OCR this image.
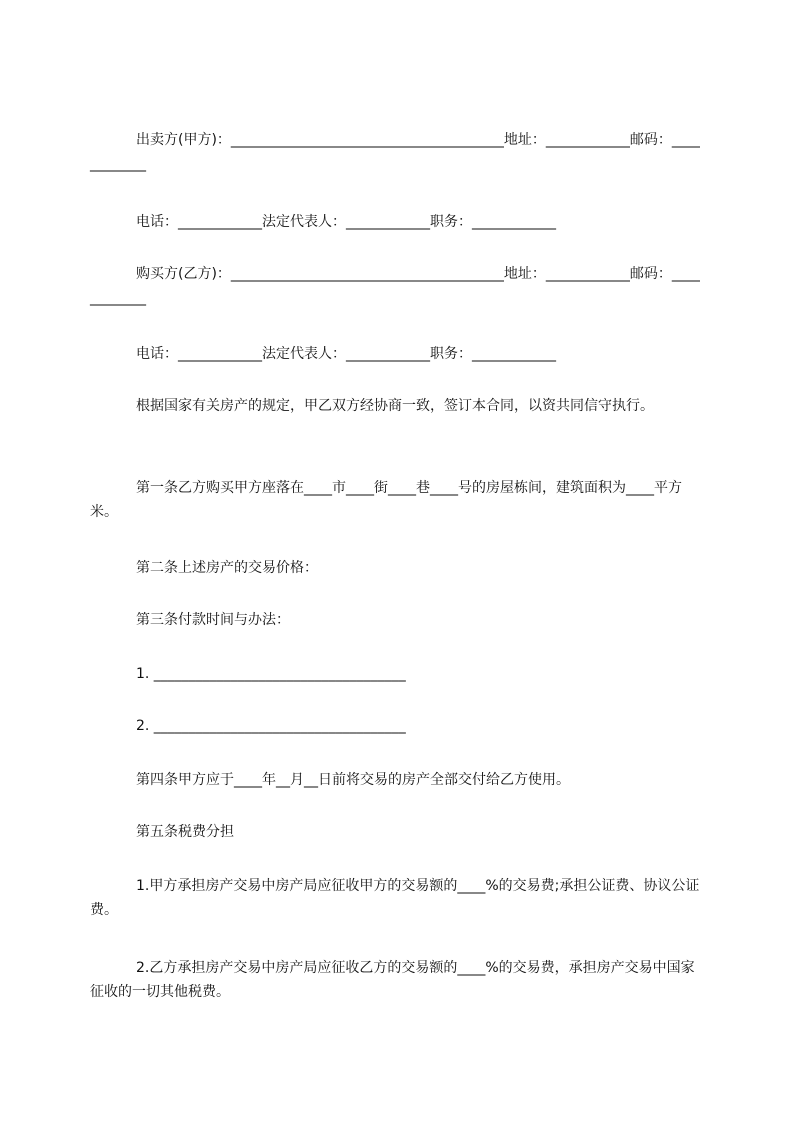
出卖方(甲方)：_______________________________________地址：____________邮码：____________

电话：____________法定代表人：____________职务：____________

购买方(乙方)：_______________________________________地址：____________邮码：____________

电话：____________法定代表人：____________职务：____________

根据国家有关房产的规定，甲乙双方经协商一致，签订本合同，以资共同信守执行。

第一条乙方购买甲方座落在____市____街____巷____号的房屋栋间，建筑面积为____平方米。

第二条上述房产的交易价格：

第三条付款时间与办法：

1. ____________________________________

2. ____________________________________

第四条甲方应于____年__月__日前将交易的房产全部交付给乙方使用。

第五条税费分担

1.甲方承担房产交易中房产局应征收甲方的交易额的____%的交易费;承担公证费、协议公证费。

2.乙方承担房产交易中房产局应征收乙方的交易额的____%的交易费，承担房产交易中国家征收的一切其他税费。
